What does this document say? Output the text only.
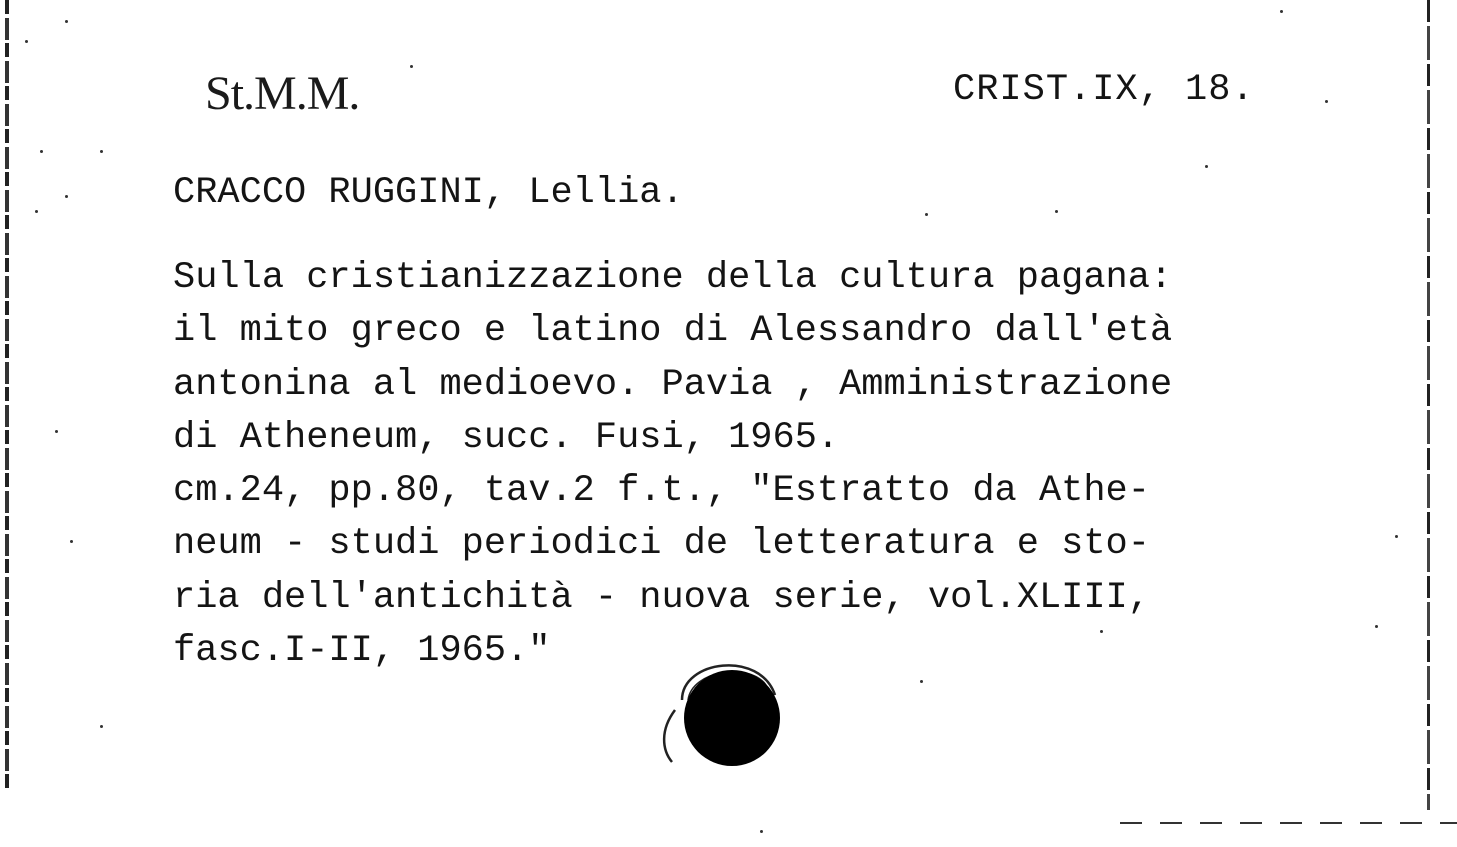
St.M.M.	CRIST.IX, 18.
CRACCO RUGGINI, Lellia.
Sulla cristianizzazione della cultura pagana:
il mito greco e latino di Alessandro dall'età
antonina al medioevo. Pavia , Amministrazione
di Atheneum, succ. Fusi, 1965.
cm.24, pp.80, tav.2 f.t., "Estratto da Athe-
neum - studi periodici de letteratura e sto-
ria dell'antichità - nuova serie, vol.XLIII,
fasc.I-II, 1965."
